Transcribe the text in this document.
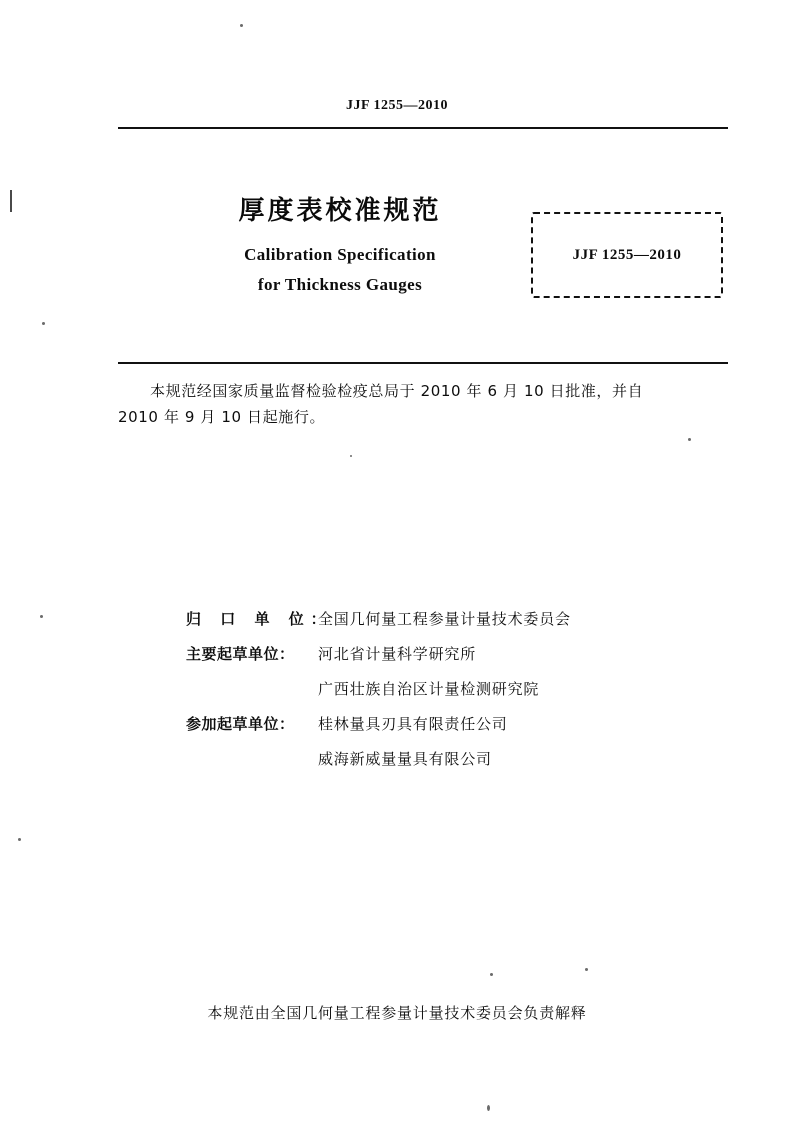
JJF 1255—2010
厚度表校准规范
Calibration Specification
for Thickness Gauges
JJF 1255—2010
本规范经国家质量监督检验检疫总局于 2010 年 6 月 10 日批准，并自
2010 年 9 月 10 日起施行。
归 口 单 位：
全国几何量工程参量计量技术委员会
主要起草单位：	河北省计量科学研究所
广西壮族自治区计量检测研究院
参加起草单位：	桂林量具刃具有限责任公司
威海新威量量具有限公司
本规范由全国几何量工程参量计量技术委员会负责解释
